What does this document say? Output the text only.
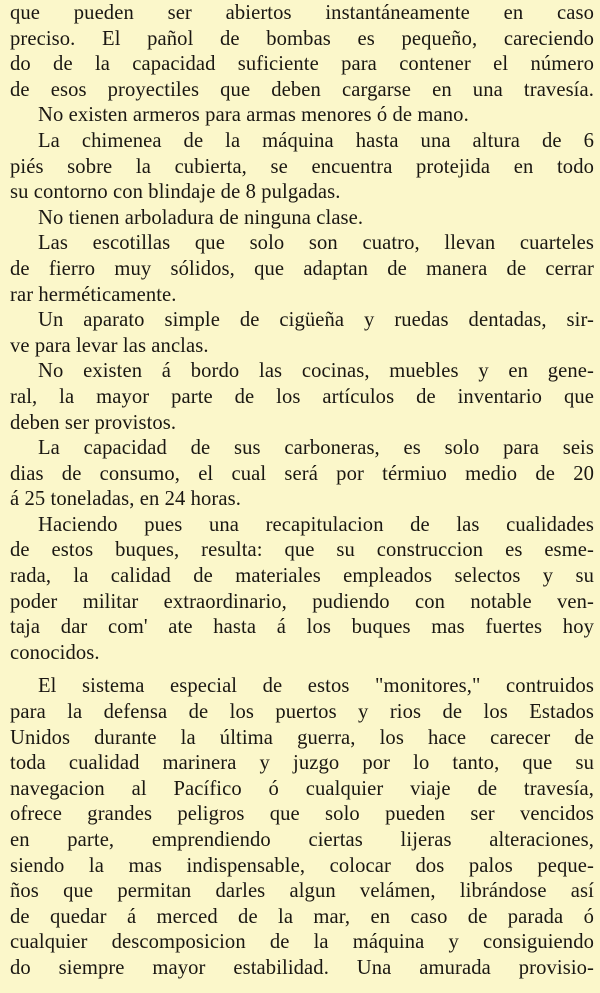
que pueden ser abiertos instantáneamente en caso
preciso. El pañol de bombas es pequeño, careciendo
do de la capacidad suficiente para contener el número
de esos proyectiles que deben cargarse en una travesía.
No existen armeros para armas menores ó de mano.
La chimenea de la máquina hasta una altura de 6
piés sobre la cubierta, se encuentra protejida en todo
su contorno con blindaje de 8 pulgadas.
No tienen arboladura de ninguna clase.
Las escotillas que solo son cuatro, llevan cuarteles
de fierro muy sólidos, que adaptan de manera de cerrar
rar herméticamente.
Un aparato simple de cigüeña y ruedas dentadas, sir-
ve para levar las anclas.
No existen á bordo las cocinas, muebles y en gene-
ral, la mayor parte de los artículos de inventario que
deben ser provistos.
La capacidad de sus carboneras, es solo para seis
dias de consumo, el cual será por térmiuo medio de 20
á 25 toneladas, en 24 horas.
Haciendo pues una recapitulacion de las cualidades
de estos buques, resulta: que su construccion es esme-
rada, la calidad de materiales empleados selectos y su
poder militar extraordinario, pudiendo con notable ven-
taja dar com' ate hasta á los buques mas fuertes hoy
conocidos.
El sistema especial de estos "monitores," contruidos
para la defensa de los puertos y rios de los Estados
Unidos durante la última guerra, los hace carecer de
toda cualidad marinera y juzgo por lo tanto, que su
navegacion al Pacífico ó cualquier viaje de travesía,
ofrece grandes peligros que solo pueden ser vencidos
en parte, emprendiendo ciertas lijeras alteraciones,
siendo la mas indispensable, colocar dos palos peque-
ños que permitan darles algun velámen, librándose así
de quedar á merced de la mar, en caso de parada ó
cualquier descomposicion de la máquina y consiguiendo
do siempre mayor estabilidad. Una amurada provisio-
